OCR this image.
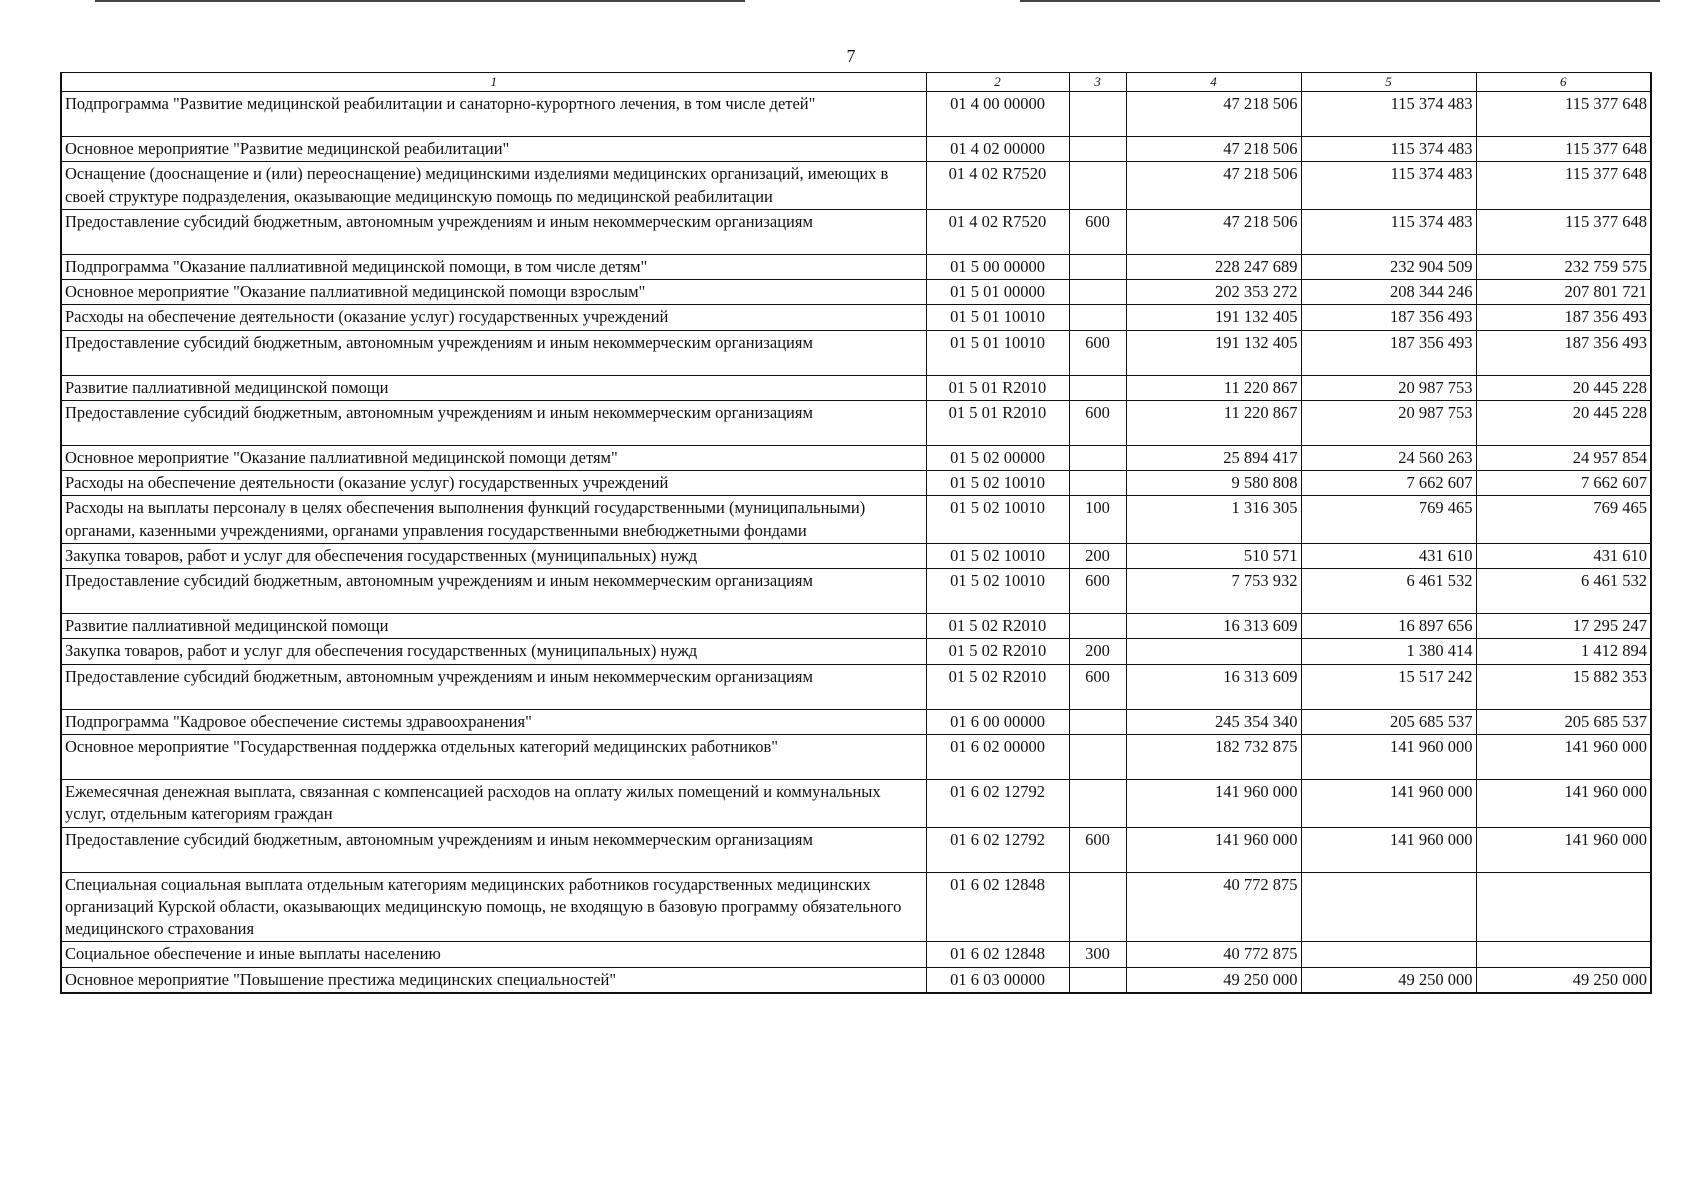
7
1	2	3	4	5	6
Подпрограмма "Развитие медицинской реабилитации и санаторно-курортного лечения, в том числе детей"	01 4 00 00000		47 218 506	115 374 483	115 377 648
Основное мероприятие "Развитие медицинской реабилитации"	01 4 02 00000		47 218 506	115 374 483	115 377 648
Оснащение (дооснащение и (или) переоснащение) медицинскими изделиями медицинских организаций, имеющих в своей структуре подразделения, оказывающие медицинскую помощь по медицинской реабилитации	01 4 02 R7520		47 218 506	115 374 483	115 377 648
Предоставление субсидий бюджетным, автономным учреждениям и иным некоммерческим организациям	01 4 02 R7520	600	47 218 506	115 374 483	115 377 648
Подпрограмма "Оказание паллиативной медицинской помощи, в том числе детям"	01 5 00 00000		228 247 689	232 904 509	232 759 575
Основное мероприятие "Оказание паллиативной медицинской помощи взрослым"	01 5 01 00000		202 353 272	208 344 246	207 801 721
Расходы на обеспечение деятельности (оказание услуг) государственных учреждений	01 5 01 10010		191 132 405	187 356 493	187 356 493
Предоставление субсидий бюджетным, автономным учреждениям и иным некоммерческим организациям	01 5 01 10010	600	191 132 405	187 356 493	187 356 493
Развитие паллиативной медицинской помощи	01 5 01 R2010		11 220 867	20 987 753	20 445 228
Предоставление субсидий бюджетным, автономным учреждениям и иным некоммерческим организациям	01 5 01 R2010	600	11 220 867	20 987 753	20 445 228
Основное мероприятие "Оказание паллиативной медицинской помощи детям"	01 5 02 00000		25 894 417	24 560 263	24 957 854
Расходы на обеспечение деятельности (оказание услуг) государственных учреждений	01 5 02 10010		9 580 808	7 662 607	7 662 607
Расходы на выплаты персоналу в целях обеспечения выполнения функций государственными (муниципальными) органами, казенными учреждениями, органами управления государственными внебюджетными фондами	01 5 02 10010	100	1 316 305	769 465	769 465
Закупка товаров, работ и услуг для обеспечения государственных (муниципальных) нужд	01 5 02 10010	200	510 571	431 610	431 610
Предоставление субсидий бюджетным, автономным учреждениям и иным некоммерческим организациям	01 5 02 10010	600	7 753 932	6 461 532	6 461 532
Развитие паллиативной медицинской помощи	01 5 02 R2010		16 313 609	16 897 656	17 295 247
Закупка товаров, работ и услуг для обеспечения государственных (муниципальных) нужд	01 5 02 R2010	200		1 380 414	1 412 894
Предоставление субсидий бюджетным, автономным учреждениям и иным некоммерческим организациям	01 5 02 R2010	600	16 313 609	15 517 242	15 882 353
Подпрограмма "Кадровое обеспечение системы здравоохранения"	01 6 00 00000		245 354 340	205 685 537	205 685 537
Основное мероприятие "Государственная поддержка отдельных категорий медицинских работников"	01 6 02 00000		182 732 875	141 960 000	141 960 000
Ежемесячная денежная выплата, связанная с компенсацией расходов на оплату жилых помещений и коммунальных услуг, отдельным категориям граждан	01 6 02 12792		141 960 000	141 960 000	141 960 000
Предоставление субсидий бюджетным, автономным учреждениям и иным некоммерческим организациям	01 6 02 12792	600	141 960 000	141 960 000	141 960 000
Специальная социальная выплата отдельным категориям медицинских работников государственных медицинских организаций Курской области, оказывающих медицинскую помощь, не входящую в базовую программу обязательного медицинского страхования	01 6 02 12848		40 772 875		
Социальное обеспечение и иные выплаты населению	01 6 02 12848	300	40 772 875		
Основное мероприятие "Повышение престижа медицинских специальностей"	01 6 03 00000		49 250 000	49 250 000	49 250 000
